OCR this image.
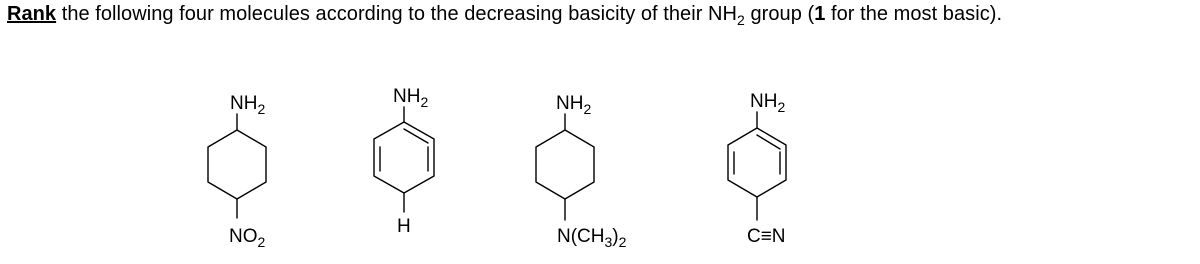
Rank the following four molecules according to the decreasing basicity of their $NH_2$ group (1 for the most basic).
$NH_2$
$NO_2$
$NH_2$
H
$NH_2$
$N(CH_3)_2$
$NH_2$
C≡N
